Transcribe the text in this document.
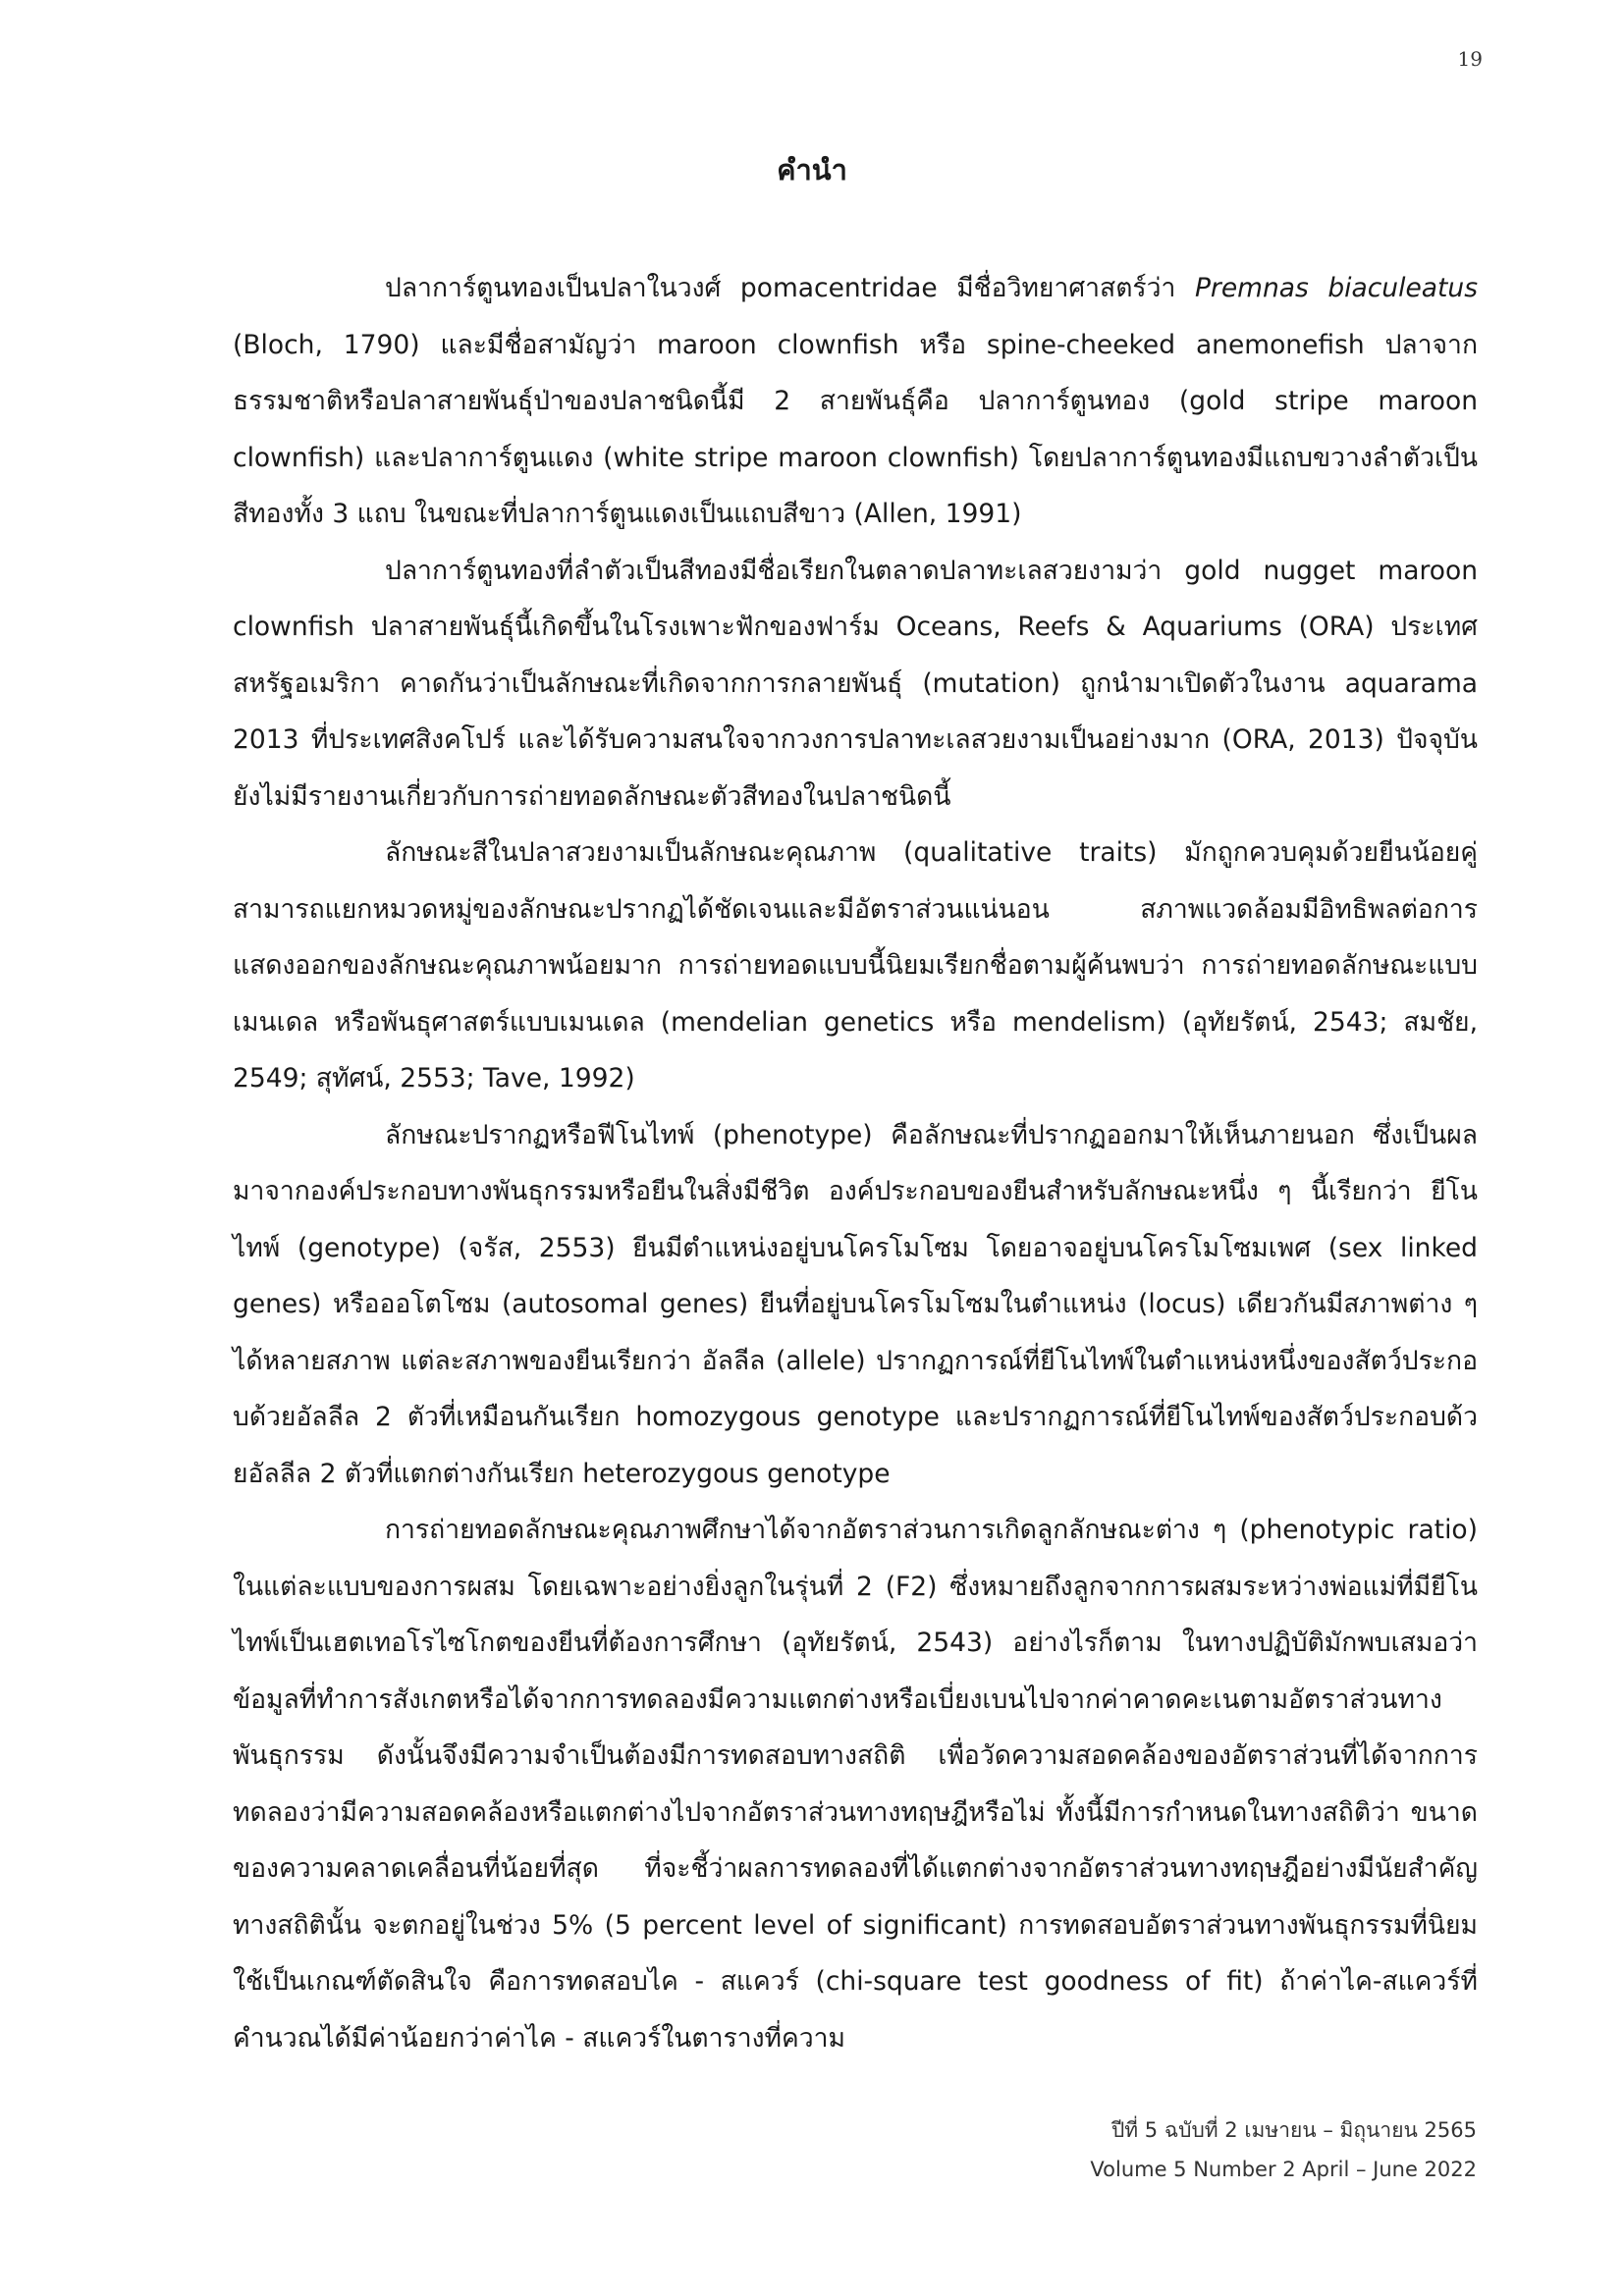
19
คำนำ

ปลาการ์ตูนทองเป็นปลาในวงศ์ pomacentridae มีชื่อวิทยาศาสตร์ว่า Premnas biaculeatus (Bloch, 1790) และมีชื่อสามัญว่า maroon clownfish หรือ spine-cheeked anemonefish ปลาจากธรรมชาติหรือปลาสายพันธุ์ป่าของปลาชนิดนี้มี 2 สายพันธุ์คือ ปลาการ์ตูนทอง (gold stripe maroon clownfish) และปลาการ์ตูนแดง (white stripe maroon clownfish) โดยปลาการ์ตูนทองมีแถบขวางลำตัวเป็นสีทองทั้ง 3 แถบ ในขณะที่ปลาการ์ตูนแดงเป็นแถบสีขาว (Allen, 1991)

ปลาการ์ตูนทองที่ลำตัวเป็นสีทองมีชื่อเรียกในตลาดปลาทะเลสวยงามว่า gold nugget maroon clownfish ปลาสายพันธุ์นี้เกิดขึ้นในโรงเพาะฟักของฟาร์ม Oceans, Reefs & Aquariums (ORA) ประเทศสหรัฐอเมริกา คาดกันว่าเป็นลักษณะที่เกิดจากการกลายพันธุ์ (mutation) ถูกนำมาเปิดตัวในงาน aquarama 2013 ที่ประเทศสิงคโปร์ และได้รับความสนใจจากวงการปลาทะเลสวยงามเป็นอย่างมาก (ORA, 2013) ปัจจุบันยังไม่มีรายงานเกี่ยวกับการถ่ายทอดลักษณะตัวสีทองในปลาชนิดนี้

ลักษณะสีในปลาสวยงามเป็นลักษณะคุณภาพ (qualitative traits) มักถูกควบคุมด้วยยีนน้อยคู่ สามารถแยกหมวดหมู่ของลักษณะปรากฏได้ชัดเจนและมีอัตราส่วนแน่นอน สภาพแวดล้อมมีอิทธิพลต่อการแสดงออกของลักษณะคุณภาพน้อยมาก การถ่ายทอดแบบนี้นิยมเรียกชื่อตามผู้ค้นพบว่า การถ่ายทอดลักษณะแบบเมนเดล หรือพันธุศาสตร์แบบเมนเดล (mendelian genetics หรือ mendelism) (อุทัยรัตน์, 2543; สมชัย, 2549; สุทัศน์, 2553; Tave, 1992)

ลักษณะปรากฏหรือฟีโนไทพ์ (phenotype) คือลักษณะที่ปรากฏออกมาให้เห็นภายนอก ซึ่งเป็นผลมาจากองค์ประกอบทางพันธุกรรมหรือยีนในสิ่งมีชีวิต องค์ประกอบของยีนสำหรับลักษณะหนึ่ง ๆ นี้เรียกว่า ยีโนไทพ์ (genotype) (จรัส, 2553) ยีนมีตำแหน่งอยู่บนโครโมโซม โดยอาจอยู่บนโครโมโซมเพศ (sex linked genes) หรือออโตโซม (autosomal genes) ยีนที่อยู่บนโครโมโซมในตำแหน่ง (locus) เดียวกันมีสภาพต่าง ๆ ได้หลายสภาพ แต่ละสภาพของยีนเรียกว่า อัลลีล (allele) ปรากฏการณ์ที่ยีโนไทพ์ในตำแหน่งหนึ่งของสัตว์ประกอบด้วยอัลลีล 2 ตัวที่เหมือนกันเรียก homozygous genotype และปรากฏการณ์ที่ยีโนไทพ์ของสัตว์ประกอบด้วยอัลลีล 2 ตัวที่แตกต่างกันเรียก heterozygous genotype

การถ่ายทอดลักษณะคุณภาพศึกษาได้จากอัตราส่วนการเกิดลูกลักษณะต่าง ๆ (phenotypic ratio) ในแต่ละแบบของการผสม โดยเฉพาะอย่างยิ่งลูกในรุ่นที่ 2 (F2) ซึ่งหมายถึงลูกจากการผสมระหว่างพ่อแม่ที่มียีโนไทพ์เป็นเฮตเทอโรไซโกตของยีนที่ต้องการศึกษา (อุทัยรัตน์, 2543) อย่างไรก็ตาม ในทางปฏิบัติมักพบเสมอว่าข้อมูลที่ทำการสังเกตหรือได้จากการทดลองมีความแตกต่างหรือเบี่ยงเบนไปจากค่าคาดคะเนตามอัตราส่วนทางพันธุกรรม ดังนั้นจึงมีความจำเป็นต้องมีการทดสอบทางสถิติ เพื่อวัดความสอดคล้องของอัตราส่วนที่ได้จากการทดลองว่ามีความสอดคล้องหรือแตกต่างไปจากอัตราส่วนทางทฤษฎีหรือไม่ ทั้งนี้มีการกำหนดในทางสถิติว่า ขนาดของความคลาดเคลื่อนที่น้อยที่สุด ที่จะชี้ว่าผลการทดลองที่ได้แตกต่างจากอัตราส่วนทางทฤษฎีอย่างมีนัยสำคัญทางสถิตินั้น จะตกอยู่ในช่วง 5% (5 percent level of significant) การทดสอบอัตราส่วนทางพันธุกรรมที่นิยมใช้เป็นเกณฑ์ตัดสินใจ คือการทดสอบไค - สแควร์ (chi-square test goodness of fit) ถ้าค่าไค-สแควร์ที่คำนวณได้มีค่าน้อยกว่าค่าไค - สแควร์ในตารางที่ความ

ปีที่ 5 ฉบับที่ 2 เมษายน – มิถุนายน 2565
Volume 5 Number 2 April – June 2022
